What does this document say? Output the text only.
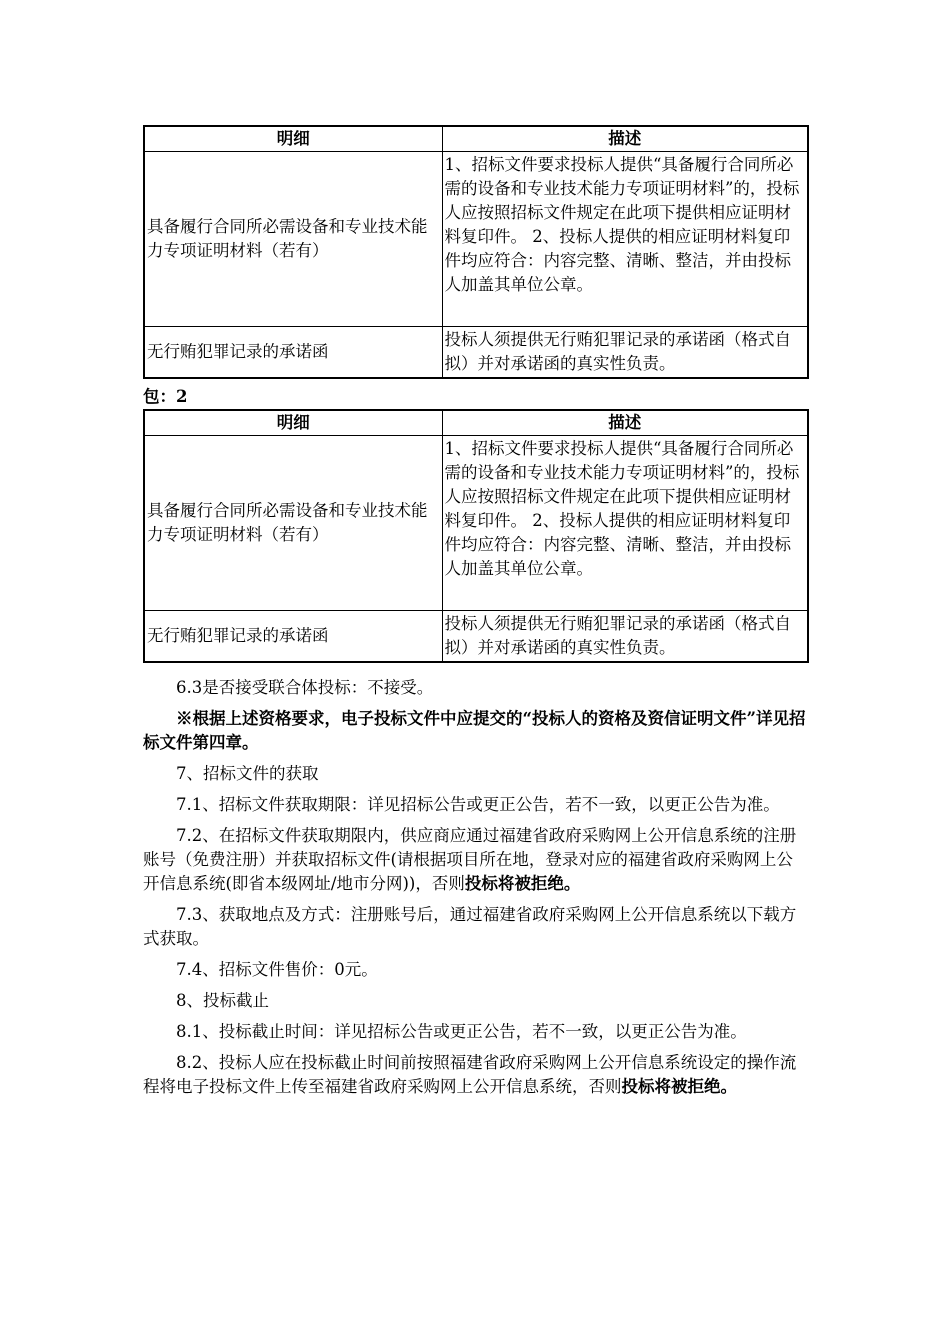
明细	描述
具备履行合同所必需设备和专业技术能力专项证明材料（若有）	1、招标文件要求投标人提供“具备履行合同所必需的设备和专业技术能力专项证明材料”的，投标人应按照招标文件规定在此项下提供相应证明材料复印件。 2、投标人提供的相应证明材料复印件均应符合：内容完整、清晰、整洁，并由投标人加盖其单位公章。
无行贿犯罪记录的承诺函	投标人须提供无行贿犯罪记录的承诺函（格式自拟）并对承诺函的真实性负责。
包：2
明细	描述
具备履行合同所必需设备和专业技术能力专项证明材料（若有）	1、招标文件要求投标人提供“具备履行合同所必需的设备和专业技术能力专项证明材料”的，投标人应按照招标文件规定在此项下提供相应证明材料复印件。 2、投标人提供的相应证明材料复印件均应符合：内容完整、清晰、整洁，并由投标人加盖其单位公章。
无行贿犯罪记录的承诺函	投标人须提供无行贿犯罪记录的承诺函（格式自拟）并对承诺函的真实性负责。

6.3是否接受联合体投标：不接受。

※根据上述资格要求，电子投标文件中应提交的“投标人的资格及资信证明文件”详见招标文件第四章。

7、招标文件的获取

7.1、招标文件获取期限：详见招标公告或更正公告，若不一致，以更正公告为准。

7.2、在招标文件获取期限内，供应商应通过福建省政府采购网上公开信息系统的注册账号（免费注册）并获取招标文件(请根据项目所在地，登录对应的福建省政府采购网上公开信息系统(即省本级网址/地市分网))，否则投标将被拒绝。

7.3、获取地点及方式：注册账号后，通过福建省政府采购网上公开信息系统以下载方式获取。

7.4、招标文件售价：0元。

8、投标截止

8.1、投标截止时间：详见招标公告或更正公告，若不一致，以更正公告为准。

8.2、投标人应在投标截止时间前按照福建省政府采购网上公开信息系统设定的操作流程将电子投标文件上传至福建省政府采购网上公开信息系统，否则投标将被拒绝。
